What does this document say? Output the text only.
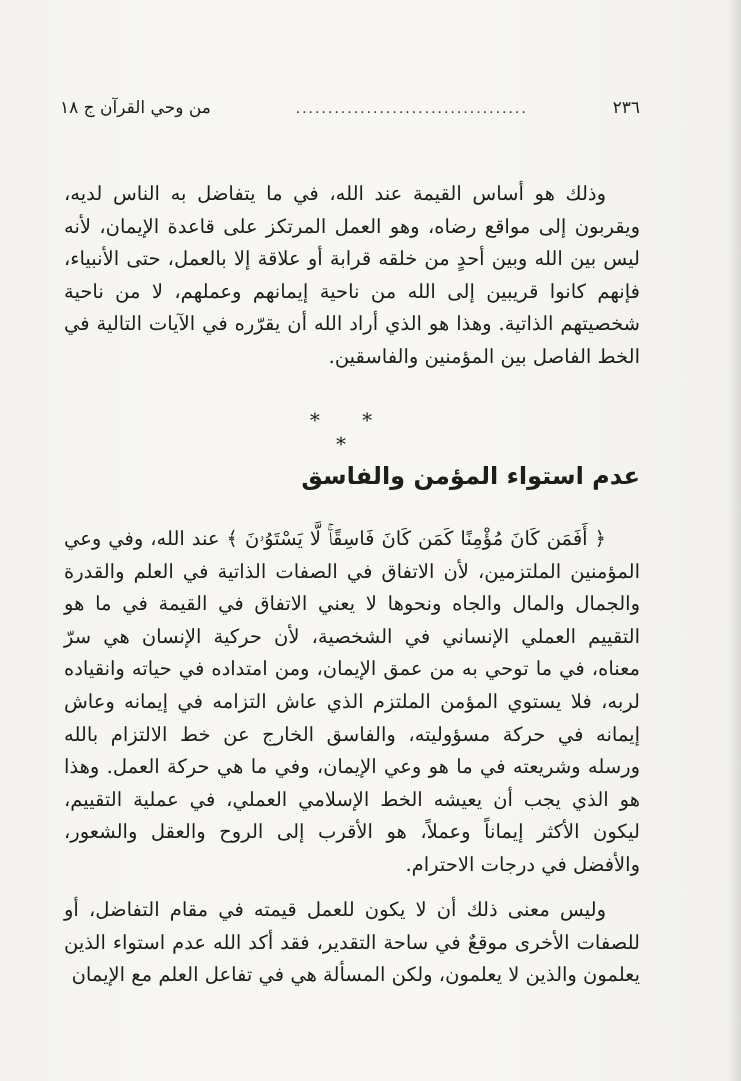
٢٣٦
....................................
من وحي القرآن ج ١٨

وذلك هو أساس القيمة عند الله، في ما يتفاضل به الناس لديه، ويقربون إلى مواقع رضاه، وهو العمل المرتكز على قاعدة الإيمان، لأنه ليس بين الله وبين أحدٍ من خلقه قرابة أو علاقة إلا بالعمل، حتى الأنبياء، فإنهم كانوا قريبين إلى الله من ناحية إيمانهم وعملهم، لا من ناحية شخصيتهم الذاتية. وهذا هو الذي أراد الله أن يقرّره في الآيات التالية في الخط الفاصل بين المؤمنين والفاسقين.

* * *
عدم استواء المؤمن والفاسق

﴿ أَفَمَن كَانَ مُؤْمِنًا كَمَن كَانَ فَاسِقًاۚ لَّا يَسْتَوُۥنَ ﴾ عند الله، وفي وعي المؤمنين الملتزمين، لأن الاتفاق في الصفات الذاتية في العلم والقدرة والجمال والمال والجاه ونحوها لا يعني الاتفاق في القيمة في ما هو التقييم العملي الإنساني في الشخصية، لأن حركية الإنسان هي سرّ معناه، في ما توحي به من عمق الإيمان، ومن امتداده في حياته وانقياده لربه، فلا يستوي المؤمن الملتزم الذي عاش التزامه في إيمانه وعاش إيمانه في حركة مسؤوليته، والفاسق الخارج عن خط الالتزام بالله ورسله وشريعته في ما هو وعي الإيمان، وفي ما هي حركة العمل. وهذا هو الذي يجب أن يعيشه الخط الإسلامي العملي، في عملية التقييم، ليكون الأكثر إيماناً وعملاً، هو الأقرب إلى الروح والعقل والشعور، والأفضل في درجات الاحترام.

وليس معنى ذلك أن لا يكون للعمل قيمته في مقام التفاضل، أو للصفات الأخرى موقعٌ في ساحة التقدير، فقد أكد الله عدم استواء الذين يعلمون والذين لا يعلمون، ولكن المسألة هي في تفاعل العلم مع الإيمان
